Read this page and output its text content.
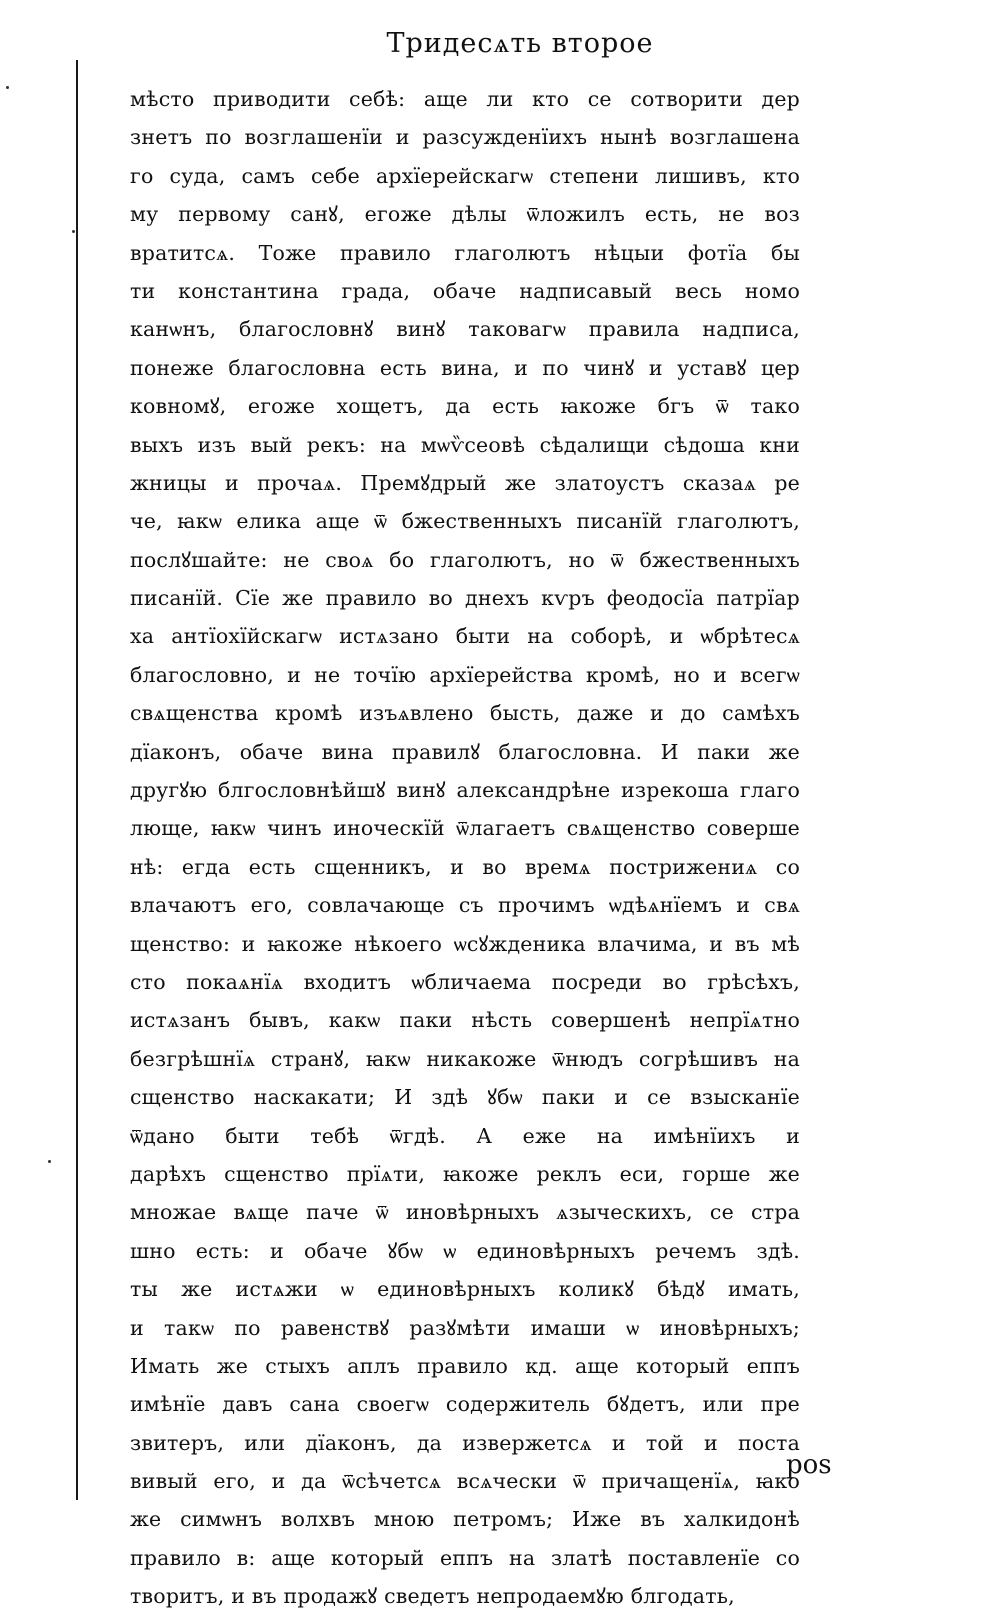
Тридесѧть второе
мѣсто приводити себѣ: аще ли кто се сотворити дер
знетъ по возглашенїи и разсужденїихъ нынѣ возглашена
го суда, самъ себе архїерейскагѡ степени лишивъ, кто
му первому санꙋ, егоже дѣлы ѿложилъ есть, не воз
вратитсѧ. Тоже правило глаголютъ нѣцыи фотїа бы
ти константина града, обаче надписавый весь номо
канѡнъ, благословнꙋ винꙋ таковагѡ правила надписа,
понеже благословна есть вина, и по чинꙋ и уставꙋ цер
ковномꙋ, егоже хощетъ, да есть ꙗкоже бгъ ѿ тако
выхъ изъ вый рекъ: на мѡѷсеовѣ сѣдалищи сѣдоша кни
жницы и прочаѧ. Премꙋдрый же златоустъ сказаѧ ре
че, ꙗкѡ елика аще ѿ бжественныхъ писанїй глаголютъ,
послꙋшайте: не своѧ бо глаголютъ, но ѿ бжественныхъ
писанїй. Сїе же правило во днехъ кѵръ феодосїа патрїар
ха антїохїйскагѡ истѧзано быти на соборѣ, и ѡбрѣтесѧ
благословно, и не точїю архїерейства кромѣ, но и всегѡ
свѧщенства кромѣ изъѧвлено бысть, даже и до самѣхъ
дїаконъ, обаче вина правилꙋ благословна. И паки же
другꙋю блгословнѣйшꙋ винꙋ александрѣне изрекоша глаго
люще, ꙗкѡ чинъ иноческїй ѿлагаетъ свѧщенство соверше
нѣ: егда есть сщенникъ, и во времѧ пострижениѧ со
влачаютъ его, совлачающе съ прочимъ ѡдѣѧнїемъ и свѧ
щенство: и ꙗкоже нѣкоего ѡсꙋжденика влачима, и въ мѣ
сто покаѧнїѧ входитъ ѡбличаема посреди во грѣсѣхъ,
истѧзанъ бывъ, какѡ паки нѣсть совершенѣ непрїѧтно
безгрѣшнїѧ странꙋ, ꙗкѡ никакоже ѿнюдъ согрѣшивъ на
сщенство наскакати; И здѣ ꙋбѡ паки и се взысканїе
ѿдано быти тебѣ ѿгдѣ. А еже на имѣнїихъ и
дарѣхъ сщенство прїѧти, ꙗкоже реклъ еси, горше же
множае вѧще паче ѿ иновѣрныхъ ѧзыческихъ, се стра
шно есть: и обаче ꙋбѡ ѡ единовѣрныхъ речемъ здѣ.
ты же истѧжи ѡ единовѣрныхъ коликꙋ бѣдꙋ имать,
и такѡ по равенствꙋ разꙋмѣти имаши ѡ иновѣрныхъ;
Имать же стыхъ аплъ правило кд. аще который еппъ
имѣнїе давъ сана своегѡ содержитель бꙋдетъ, или пре
звитеръ, или дїаконъ, да извержетсѧ и той и поста
вивый его, и да ѿсѣчетсѧ всѧчески ѿ причащенїѧ, ꙗко
же симѡнъ волхвъ мною петромъ; Иже въ халкидонѣ
правило в: аще который еппъ на златѣ поставленїе со
творитъ, и въ продажꙋ сведетъ непродаемꙋю блгодать,
роѕ
